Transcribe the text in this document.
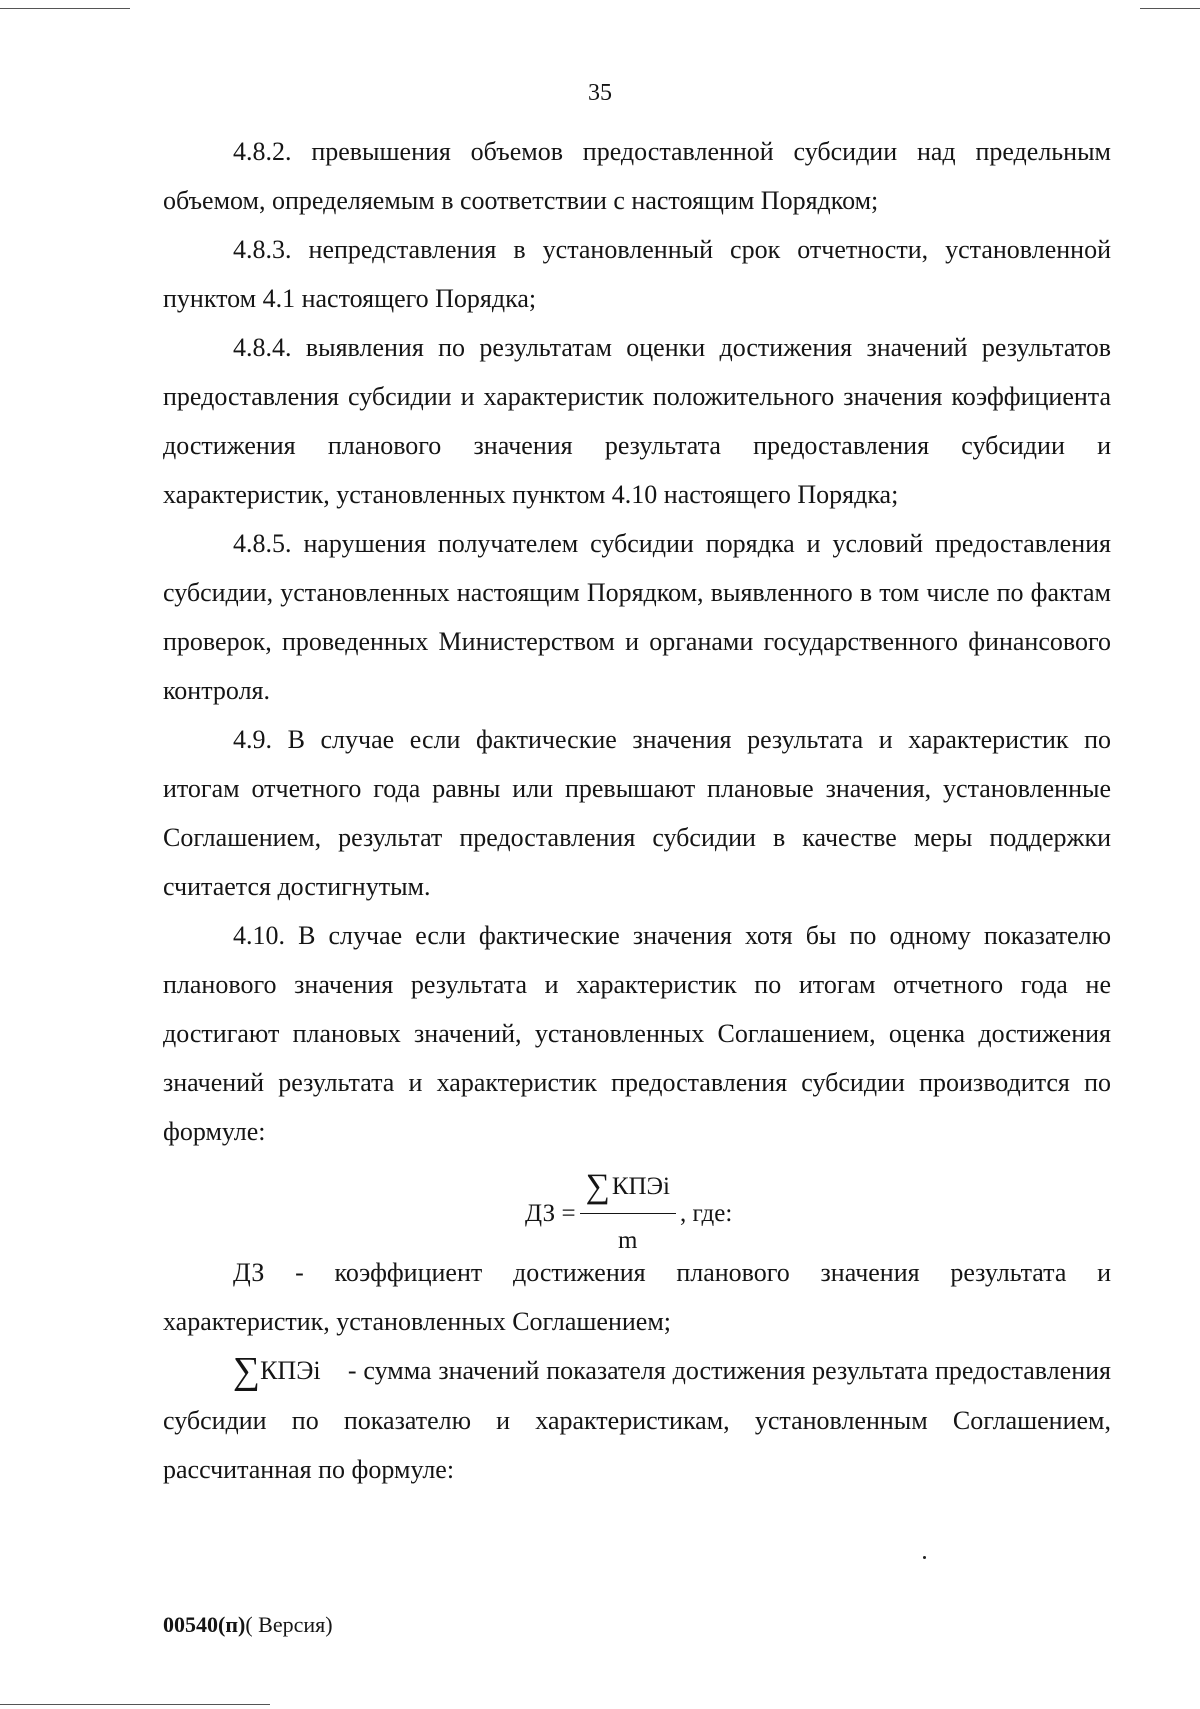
35

4.8.2. превышения объемов предоставленной субсидии над предельным объемом, определяемым в соответствии с настоящим Порядком;

4.8.3. непредставления в установленный срок отчетности, установленной пунктом 4.1 настоящего Порядка;

4.8.4. выявления по результатам оценки достижения значений результатов предоставления субсидии и характеристик положительного значения коэффициента достижения планового значения результата предоставления субсидии и характеристик, установленных пунктом 4.10 настоящего Порядка;

4.8.5. нарушения получателем субсидии порядка и условий предоставления субсидии, установленных настоящим Порядком, выявленного в том числе по фактам проверок, проведенных Министерством и органами государственного финансового контроля.

4.9. В случае если фактические значения результата и характеристик по итогам отчетного года равны или превышают плановые значения, установленные Соглашением, результат предоставления субсидии в качестве меры поддержки считается достигнутым.

4.10. В случае если фактические значения хотя бы по одному показателю планового значения результата и характеристик по итогам отчетного года не достигают плановых значений, установленных Соглашением, оценка достижения значений результата и характеристик предоставления субсидии производится по формуле:

ДЗ = $\frac{\text{∑ КПЭi}}{m}$ , где:

ДЗ - коэффициент достижения планового значения результата и характеристик, установленных Соглашением;

∑КПЭi - сумма значений показателя достижения результата предоставления субсидии по показателю и характеристикам, установленным Соглашением, рассчитанная по формуле:

00540(п)( Версия)
